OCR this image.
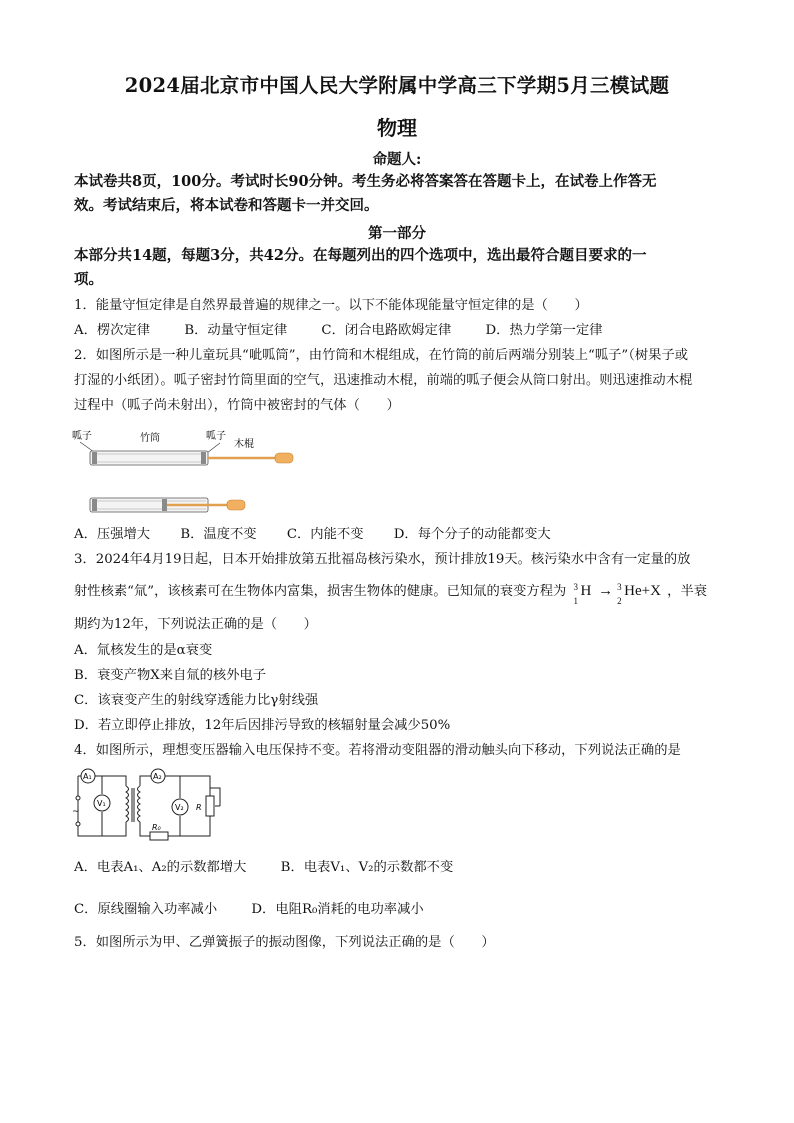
2024届北京市中国人民大学附属中学高三下学期5月三模试题
物理
命题人:
本试卷共8页，100分。考试时长90分钟。考生务必将答案答在答题卡上，在试卷上作答无
效。考试结束后，将本试卷和答题卡一并交回。
第一部分
本部分共14题，每题3分，共42分。在每题列出的四个选项中，选出最符合题目要求的一
项。
1．能量守恒定律是自然界最普遍的规律之一。以下不能体现能量守恒定律的是（　　）
A．楞次定律	B．动量守恒定律	C．闭合电路欧姆定律	D．热力学第一定律
2．如图所示是一种儿童玩具“呲呱筒”，由竹筒和木棍组成，在竹筒的前后两端分别装上“呱子”（树果子或
打湿的小纸团）。呱子密封竹筒里面的空气，迅速推动木棍，前端的呱子便会从筒口射出。则迅速推动木棍
过程中（呱子尚未射出），竹筒中被密封的气体（　　）
呱子	竹筒	呱子
木棍
A．压强增大 B．温度不变 C．内能不变 D．每个分子的动能都变大
3．2024年4月19日起，日本开始排放第五批福岛核污染水，预计排放19天。核污染水中含有一定量的放
射性核素“氚”，该核素可在生物体内富集，损害生物体的健康。已知氚的衰变方程为 3
1
H → 3
2
He+X ，半衰
期约为12年，下列说法正确的是（　　）
A．氚核发生的是α衰变
B．衰变产物X来自氚的核外电子
C．该衰变产生的射线穿透能力比γ射线强
D．若立即停止排放，12年后因排污导致的核辐射量会减少50%
4．如图所示，理想变压器输入电压保持不变。若将滑动变阻器的滑动触头向下移动，下列说法正确的是
A₁
V₁
A₂
V₂ R
R₀
~
A．电表A₁、A₂的示数都增大	B．电表V₁、V₂的示数都不变
C．原线圈输入功率减小	D．电阻R₀消耗的电功率减小
5．如图所示为甲、乙弹簧振子的振动图像，下列说法正确的是（　　）
